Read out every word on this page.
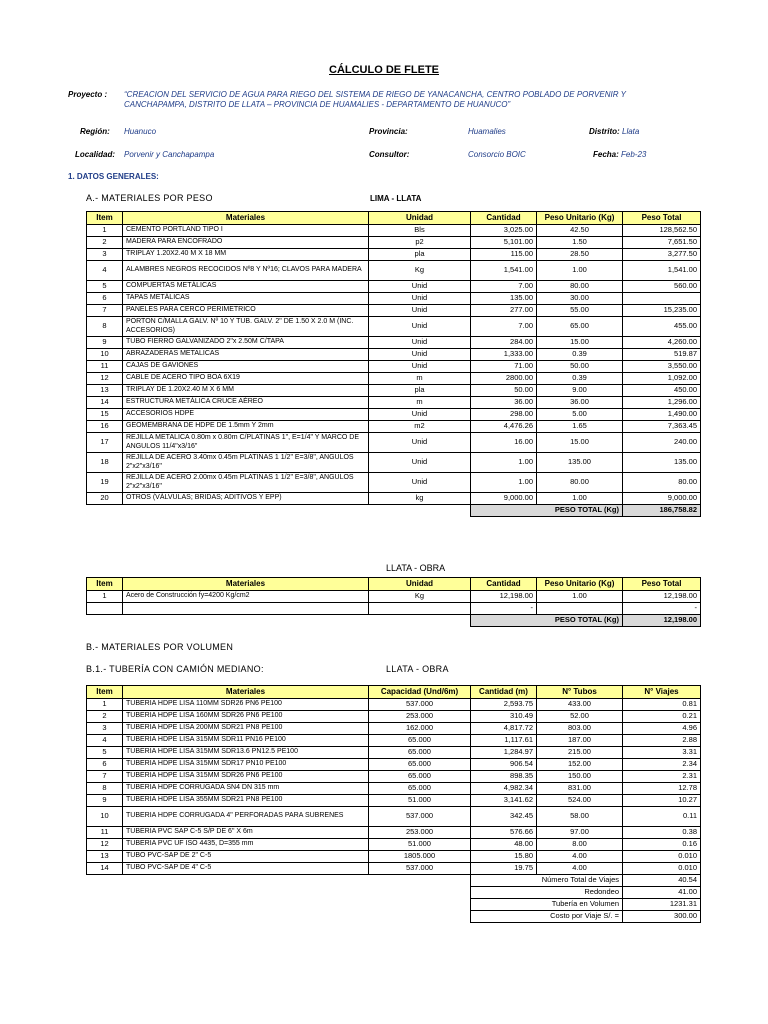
CÁLCULO DE FLETE
Proyecto : “CREACION DEL SERVICIO DE AGUA PARA RIEGO DEL SISTEMA DE RIEGO DE YANACANCHA, CENTRO POBLADO DE PORVENIR Y CANCHAPAMPA, DISTRITO DE LLATA – PROVINCIA DE HUAMALIES - DEPARTAMENTO DE HUANUCO”
Región: Huanuco	Provincia:	Huamalies	Distrito: Llata
Localidad: Porvenir y Canchapampa	Consultor:	Consorcio BOIC	Fecha: Feb-23
1. DATOS GENERALES:
A.- MATERIALES POR PESO	LIMA - LLATA
Item	Materiales	Unidad	Cantidad	Peso Unitario (Kg)	Peso Total
1	CEMENTO PORTLAND TIPO I	Bls	3,025.00	42.50	128,562.50
2	MADERA PARA ENCOFRADO	p2	5,101.00	1.50	7,651.50
3	TRIPLAY 1.20X2.40 M X 18 MM	pla	115.00	28.50	3,277.50
4	ALAMBRES NEGROS RECOCIDOS Nº8 Y Nº16; CLAVOS PARA MADERA	Kg	1,541.00	1.00	1,541.00
5	COMPUERTAS METÁLICAS	Unid	7.00	80.00	560.00
6	TAPAS METÁLICAS	Unid	135.00	30.00	
7	PANELES PARA CERCO PERIMETRICO	Unid	277.00	55.00	15,235.00
8	PORTON C/MALLA GALV. Nº 10 Y TUB. GALV. 2" DE 1.50 X 2.0 M (INC. ACCESORIOS)	Unid	7.00	65.00	455.00
9	TUBO FIERRO GALVANIZADO 2"x 2.50M C/TAPA	Unid	284.00	15.00	4,260.00
10	ABRAZADERAS METALICAS	Unid	1,333.00	0.39	519.87
11	CAJAS DE GAVIONES	Unid	71.00	50.00	3,550.00
12	CABLE DE ACERO TIPO BOA 6X19	m	2800.00	0.39	1,092.00
13	TRIPLAY DE 1.20X2.40 M X 6 MM	pla	50.00	9.00	450.00
14	ESTRUCTURA METÁLICA CRUCE AÉREO	m	36.00	36.00	1,296.00
15	ACCESORIOS HDPE	Unid	298.00	5.00	1,490.00
16	GEOMEMBRANA DE HDPE DE 1.5mm Y 2mm	m2	4,476.26	1.65	7,363.45
17	REJILLA METALICA 0.80m x 0.80m C/PLATINAS 1", E=1/4" Y MARCO DE ANGULOS 11/4"x3/16"	Unid	16.00	15.00	240.00
18	REJILLA DE ACERO 3.40mx 0.45m PLATINAS 1 1/2" E=3/8", ANGULOS 2"x2"x3/16"	Unid	1.00	135.00	135.00
19	REJILLA DE ACERO 2.00mx 0.45m PLATINAS 1 1/2" E=3/8", ANGULOS 2"x2"x3/16"	Unid	1.00	80.00	80.00
20	OTROS (VÁLVULAS; BRIDAS; ADITIVOS Y EPP)	kg	9,000.00	1.00	9,000.00
			PESO TOTAL (Kg)		186,758.82
LLATA - OBRA
Item	Materiales	Unidad	Cantidad	Peso Unitario (Kg)	Peso Total
1	Acero de Construcción fy=4200 Kg/cm2	Kg	12,198.00	1.00	12,198.00
			-		-
			PESO TOTAL (Kg)		12,198.00
B.- MATERIALES POR VOLUMEN
B.1.- TUBERÍA CON CAMIÓN MEDIANO:	LLATA - OBRA
Item	Materiales	Capacidad (Und/6m)	Cantidad (m)	N° Tubos	N° Viajes
1	TUBERIA HDPE LISA 110MM SDR26 PN6 PE100	537.000	2,593.75	433.00	0.81
2	TUBERIA HDPE LISA 160MM SDR26 PN6 PE100	253.000	310.49	52.00	0.21
3	TUBERIA HDPE LISA 200MM SDR21 PN8 PE100	162.000	4,817.72	803.00	4.96
4	TUBERIA HDPE LISA 315MM SDR11 PN16 PE100	65.000	1,117.61	187.00	2.88
5	TUBERIA HDPE LISA 315MM SDR13.6 PN12.5 PE100	65.000	1,284.97	215.00	3.31
6	TUBERIA HDPE LISA 315MM SDR17 PN10 PE100	65.000	906.54	152.00	2.34
7	TUBERIA HDPE LISA 315MM SDR26 PN6 PE100	65.000	898.35	150.00	2.31
8	TUBERIA HDPE CORRUGADA SN4 DN 315 mm	65.000	4,982.34	831.00	12.78
9	TUBERIA HDPE LISA 355MM SDR21 PN8 PE100	51.000	3,141.62	524.00	10.27
10	TUBERIA HDPE CORRUGADA 4" PERFORADAS PARA SUBRENES	537.000	342.45	58.00	0.11
11	TUBERIA PVC SAP C-5 S/P DE 6" X 6m	253.000	576.66	97.00	0.38
12	TUBERIA PVC UF ISO 4435, D=355 mm	51.000	48.00	8.00	0.16
13	TUBO PVC-SAP DE 2" C-5	1805.000	15.80	4.00	0.010
14	TUBO PVC-SAP DE 4" C-5	537.000	19.75	4.00	0.010
			Número Total de Viajes		40.54
			Redondeo		41.00
			Tubería en Volumen		1231.31
			Costo por Viaje S/. =		300.00
